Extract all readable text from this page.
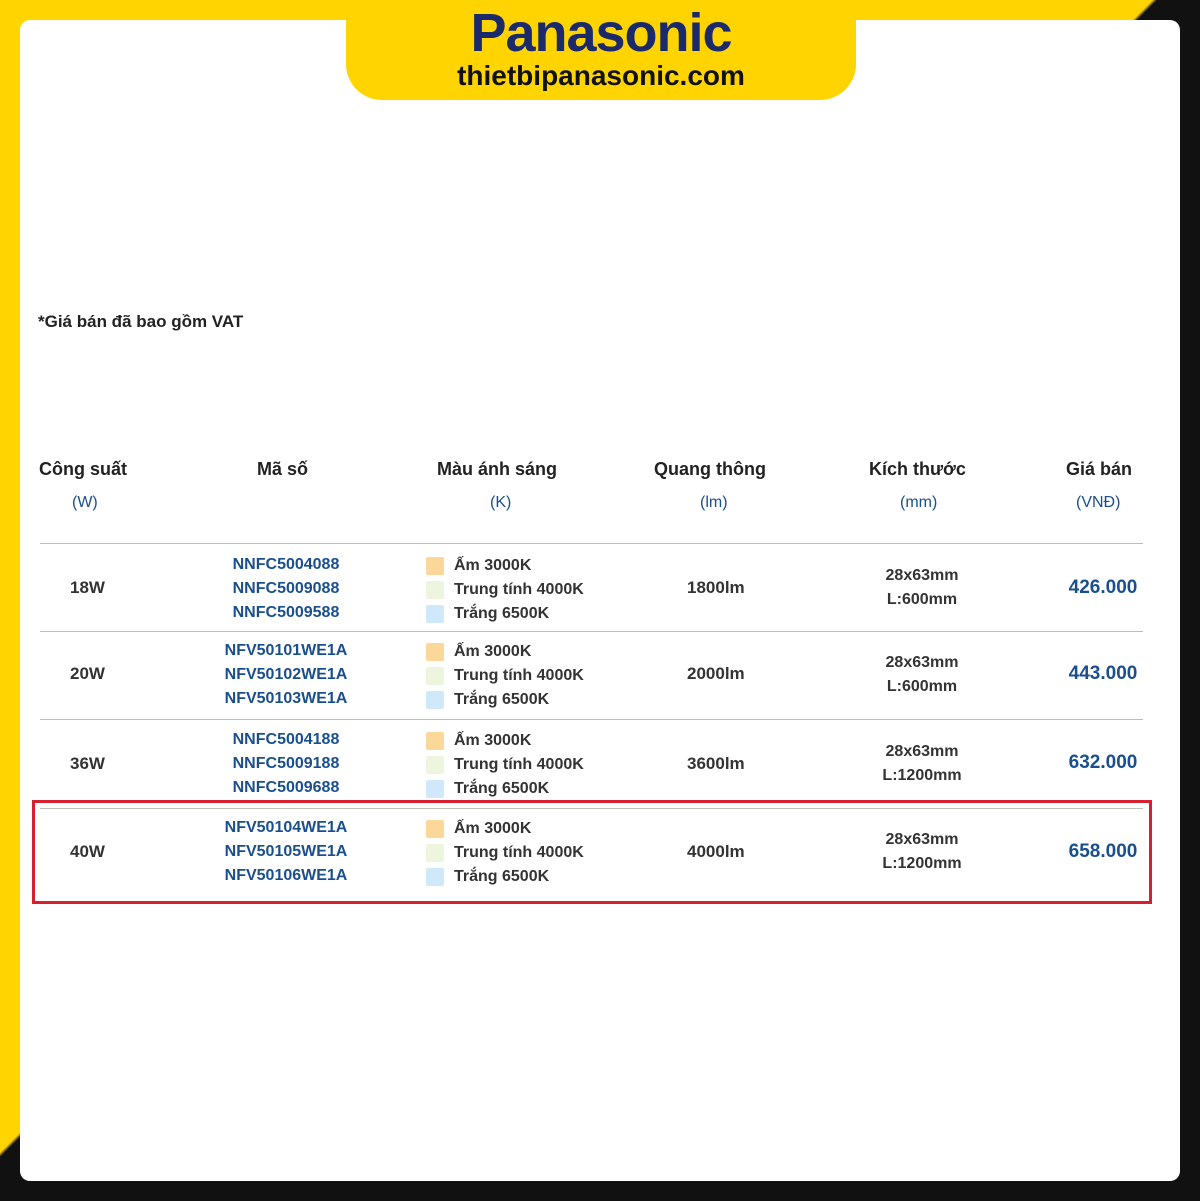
Panasonic
thietbipanasonic.com
*Giá bán đã bao gồm VAT
Công suất
(W)
Mã số	Màu ánh sáng
(K)
Quang thông
(lm)
Kích thước
(mm)
Giá bán
(VNĐ)
18W
NNFC5004088
NNFC5009088
NNFC5009588
Ấm 3000K
Trung tính 4000K
Trắng 6500K
1800lm
28x63mm
L:600mm
426.000
20W
NFV50101WE1A
NFV50102WE1A
NFV50103WE1A
Ấm 3000K
Trung tính 4000K
Trắng 6500K
2000lm
28x63mm
L:600mm
443.000
36W
NNFC5004188
NNFC5009188
NNFC5009688
Ấm 3000K
Trung tính 4000K
Trắng 6500K
3600lm
28x63mm
L:1200mm
632.000
40W
NFV50104WE1A
NFV50105WE1A
NFV50106WE1A
Ấm 3000K
Trung tính 4000K
Trắng 6500K
4000lm
28x63mm
L:1200mm
658.000
